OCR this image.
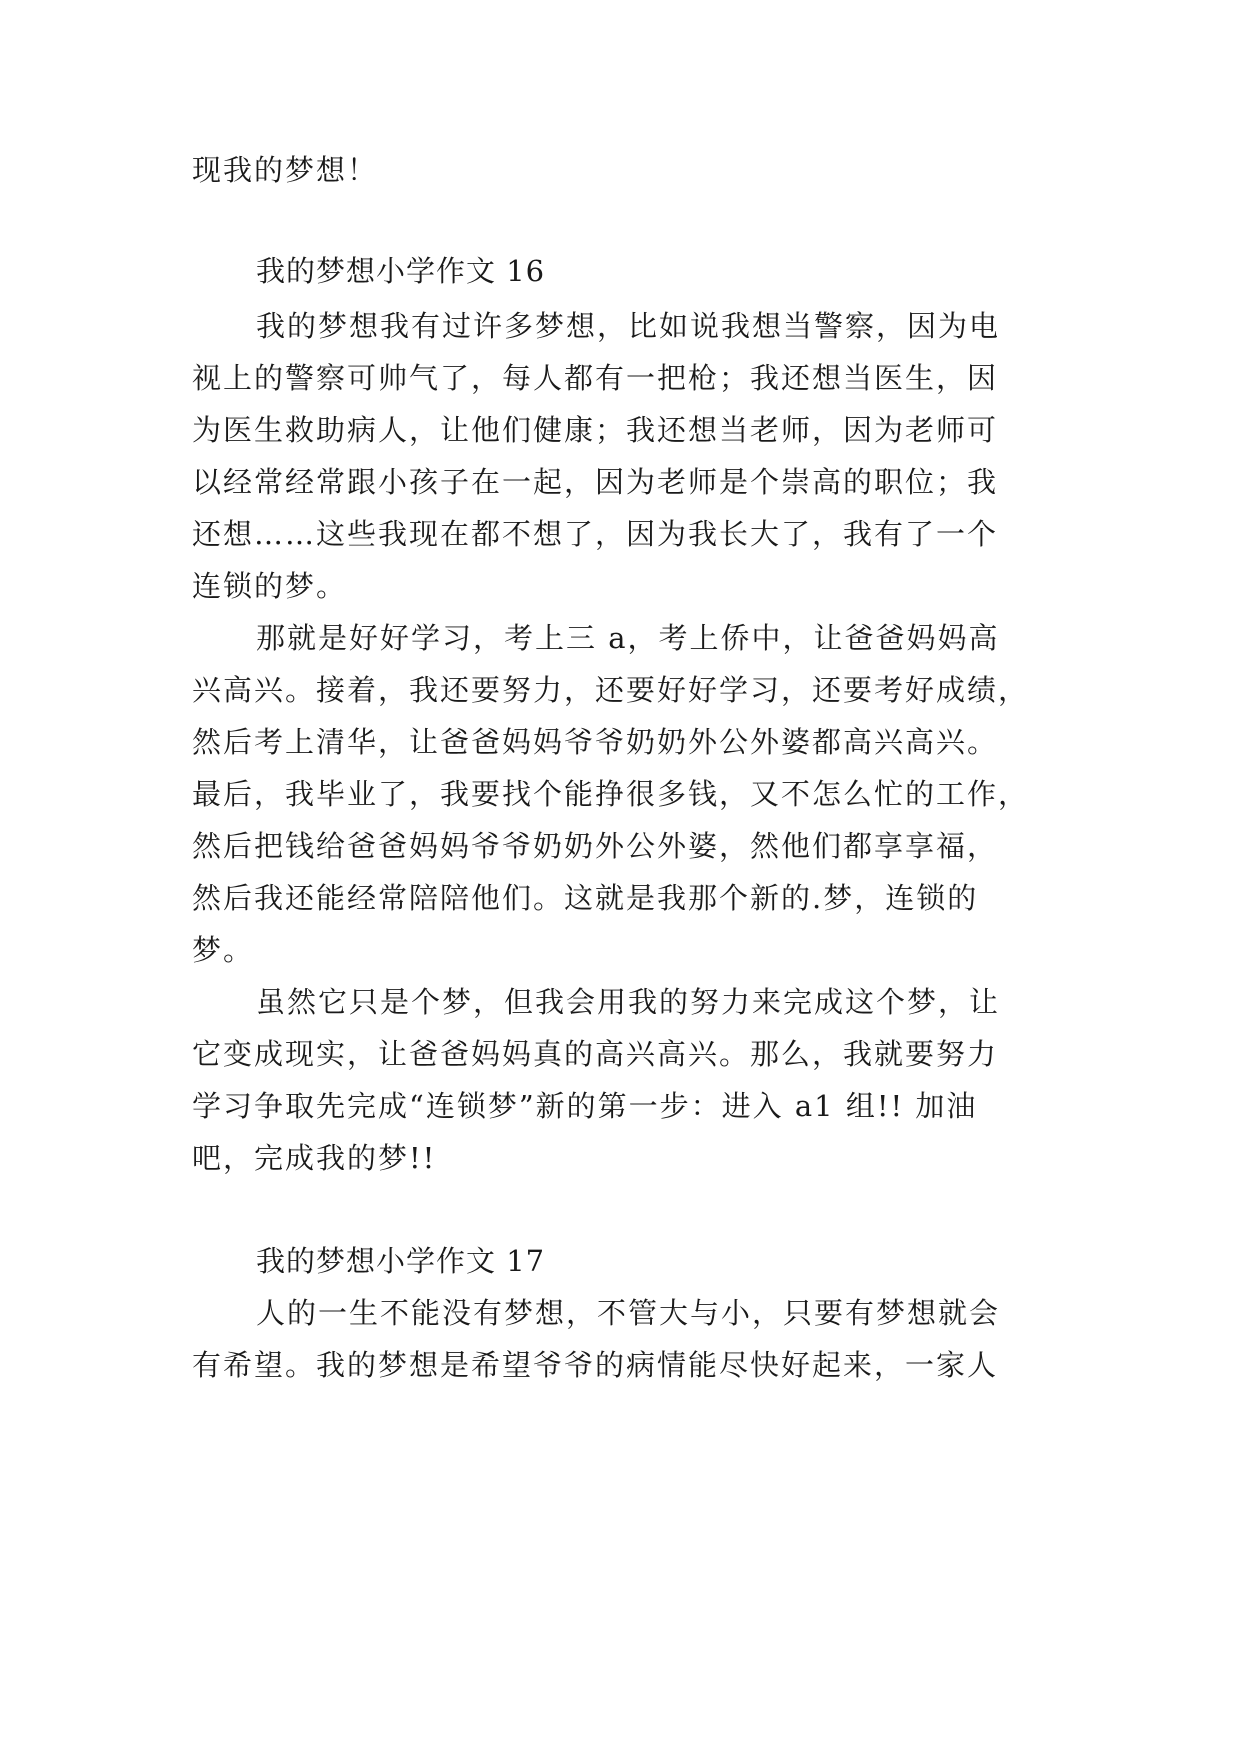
现我的梦想！
我的梦想小学作文 16
我的梦想我有过许多梦想，比如说我想当警察，因为电
视上的警察可帅气了，每人都有一把枪；我还想当医生，因
为医生救助病人，让他们健康；我还想当老师，因为老师可
以经常经常跟小孩子在一起，因为老师是个崇高的职位；我
还想……这些我现在都不想了，因为我长大了，我有了一个
连锁的梦。
那就是好好学习，考上三 a，考上侨中，让爸爸妈妈高
兴高兴。接着，我还要努力，还要好好学习，还要考好成绩，
然后考上清华，让爸爸妈妈爷爷奶奶外公外婆都高兴高兴。
最后，我毕业了，我要找个能挣很多钱，又不怎么忙的工作，
然后把钱给爸爸妈妈爷爷奶奶外公外婆，然他们都享享福，
然后我还能经常陪陪他们。这就是我那个新的.梦，连锁的
梦。
虽然它只是个梦，但我会用我的努力来完成这个梦，让
它变成现实，让爸爸妈妈真的高兴高兴。那么，我就要努力
学习争取先完成“连锁梦”新的第一步：进入 a1 组!! 加油
吧，完成我的梦!!
我的梦想小学作文 17
人的一生不能没有梦想，不管大与小，只要有梦想就会
有希望。我的梦想是希望爷爷的病情能尽快好起来，一家人
